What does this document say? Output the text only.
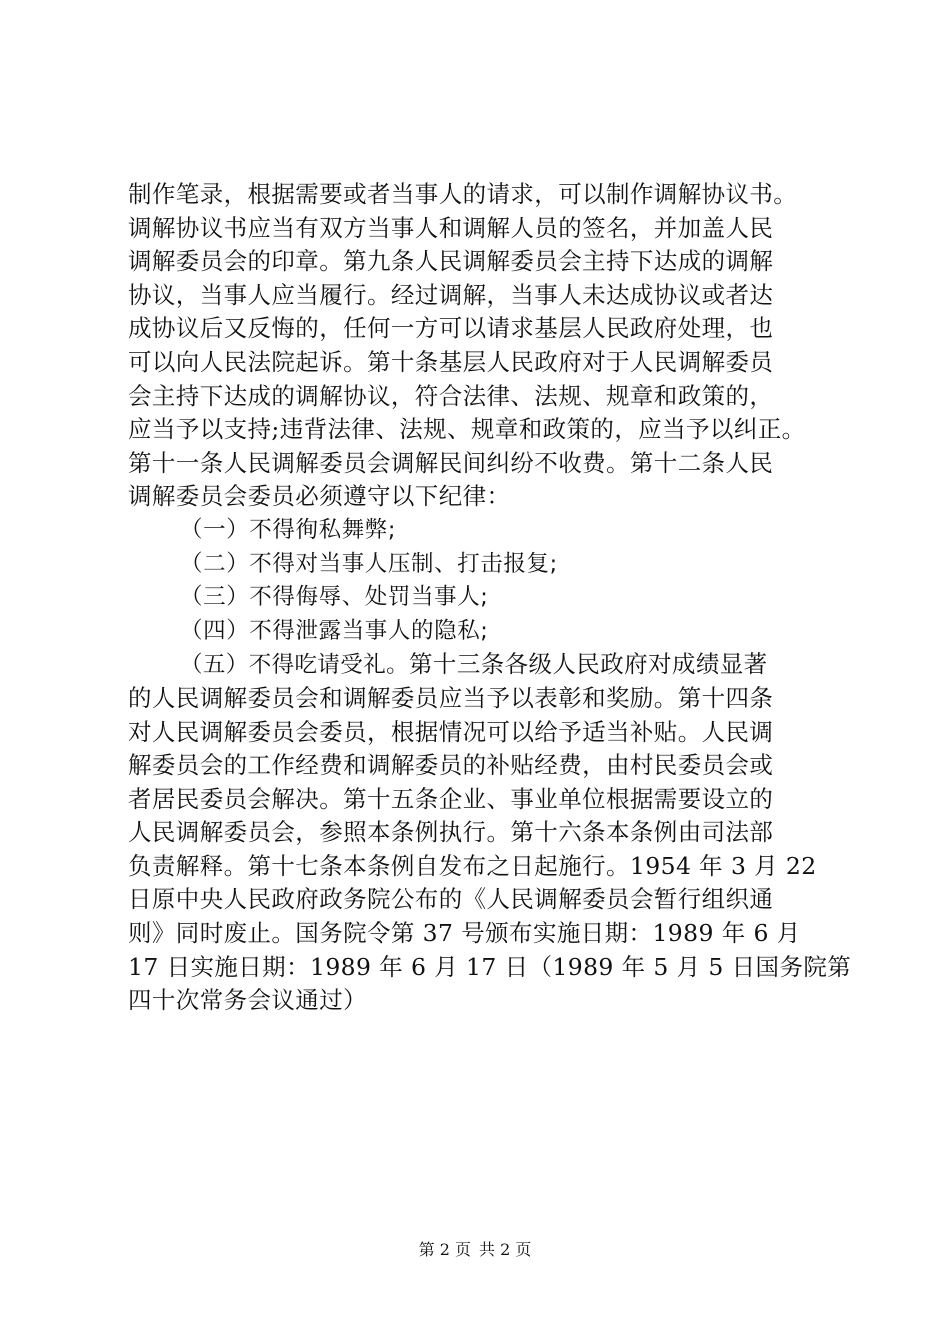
制作笔录，根据需要或者当事人的请求，可以制作调解协议书。
调解协议书应当有双方当事人和调解人员的签名，并加盖人民
调解委员会的印章。第九条人民调解委员会主持下达成的调解
协议，当事人应当履行。经过调解，当事人未达成协议或者达
成协议后又反悔的，任何一方可以请求基层人民政府处理，也
可以向人民法院起诉。第十条基层人民政府对于人民调解委员
会主持下达成的调解协议，符合法律、法规、规章和政策的，
应当予以支持;违背法律、法规、规章和政策的，应当予以纠正。
第十一条人民调解委员会调解民间纠纷不收费。第十二条人民
调解委员会委员必须遵守以下纪律：
（一）不得徇私舞弊;
（二）不得对当事人压制、打击报复;
（三）不得侮辱、处罚当事人;
（四）不得泄露当事人的隐私;
（五）不得吃请受礼。第十三条各级人民政府对成绩显著
的人民调解委员会和调解委员应当予以表彰和奖励。第十四条
对人民调解委员会委员，根据情况可以给予适当补贴。人民调
解委员会的工作经费和调解委员的补贴经费，由村民委员会或
者居民委员会解决。第十五条企业、事业单位根据需要设立的
人民调解委员会，参照本条例执行。第十六条本条例由司法部
负责解释。第十七条本条例自发布之日起施行。1954 年 3 月 22
日原中央人民政府政务院公布的《人民调解委员会暂行组织通
则》同时废止。国务院令第 37 号颁布实施日期：1989 年 6 月
17 日实施日期：1989 年 6 月 17 日（1989 年 5 月 5 日国务院第
四十次常务会议通过）
第 2 页 共 2 页
